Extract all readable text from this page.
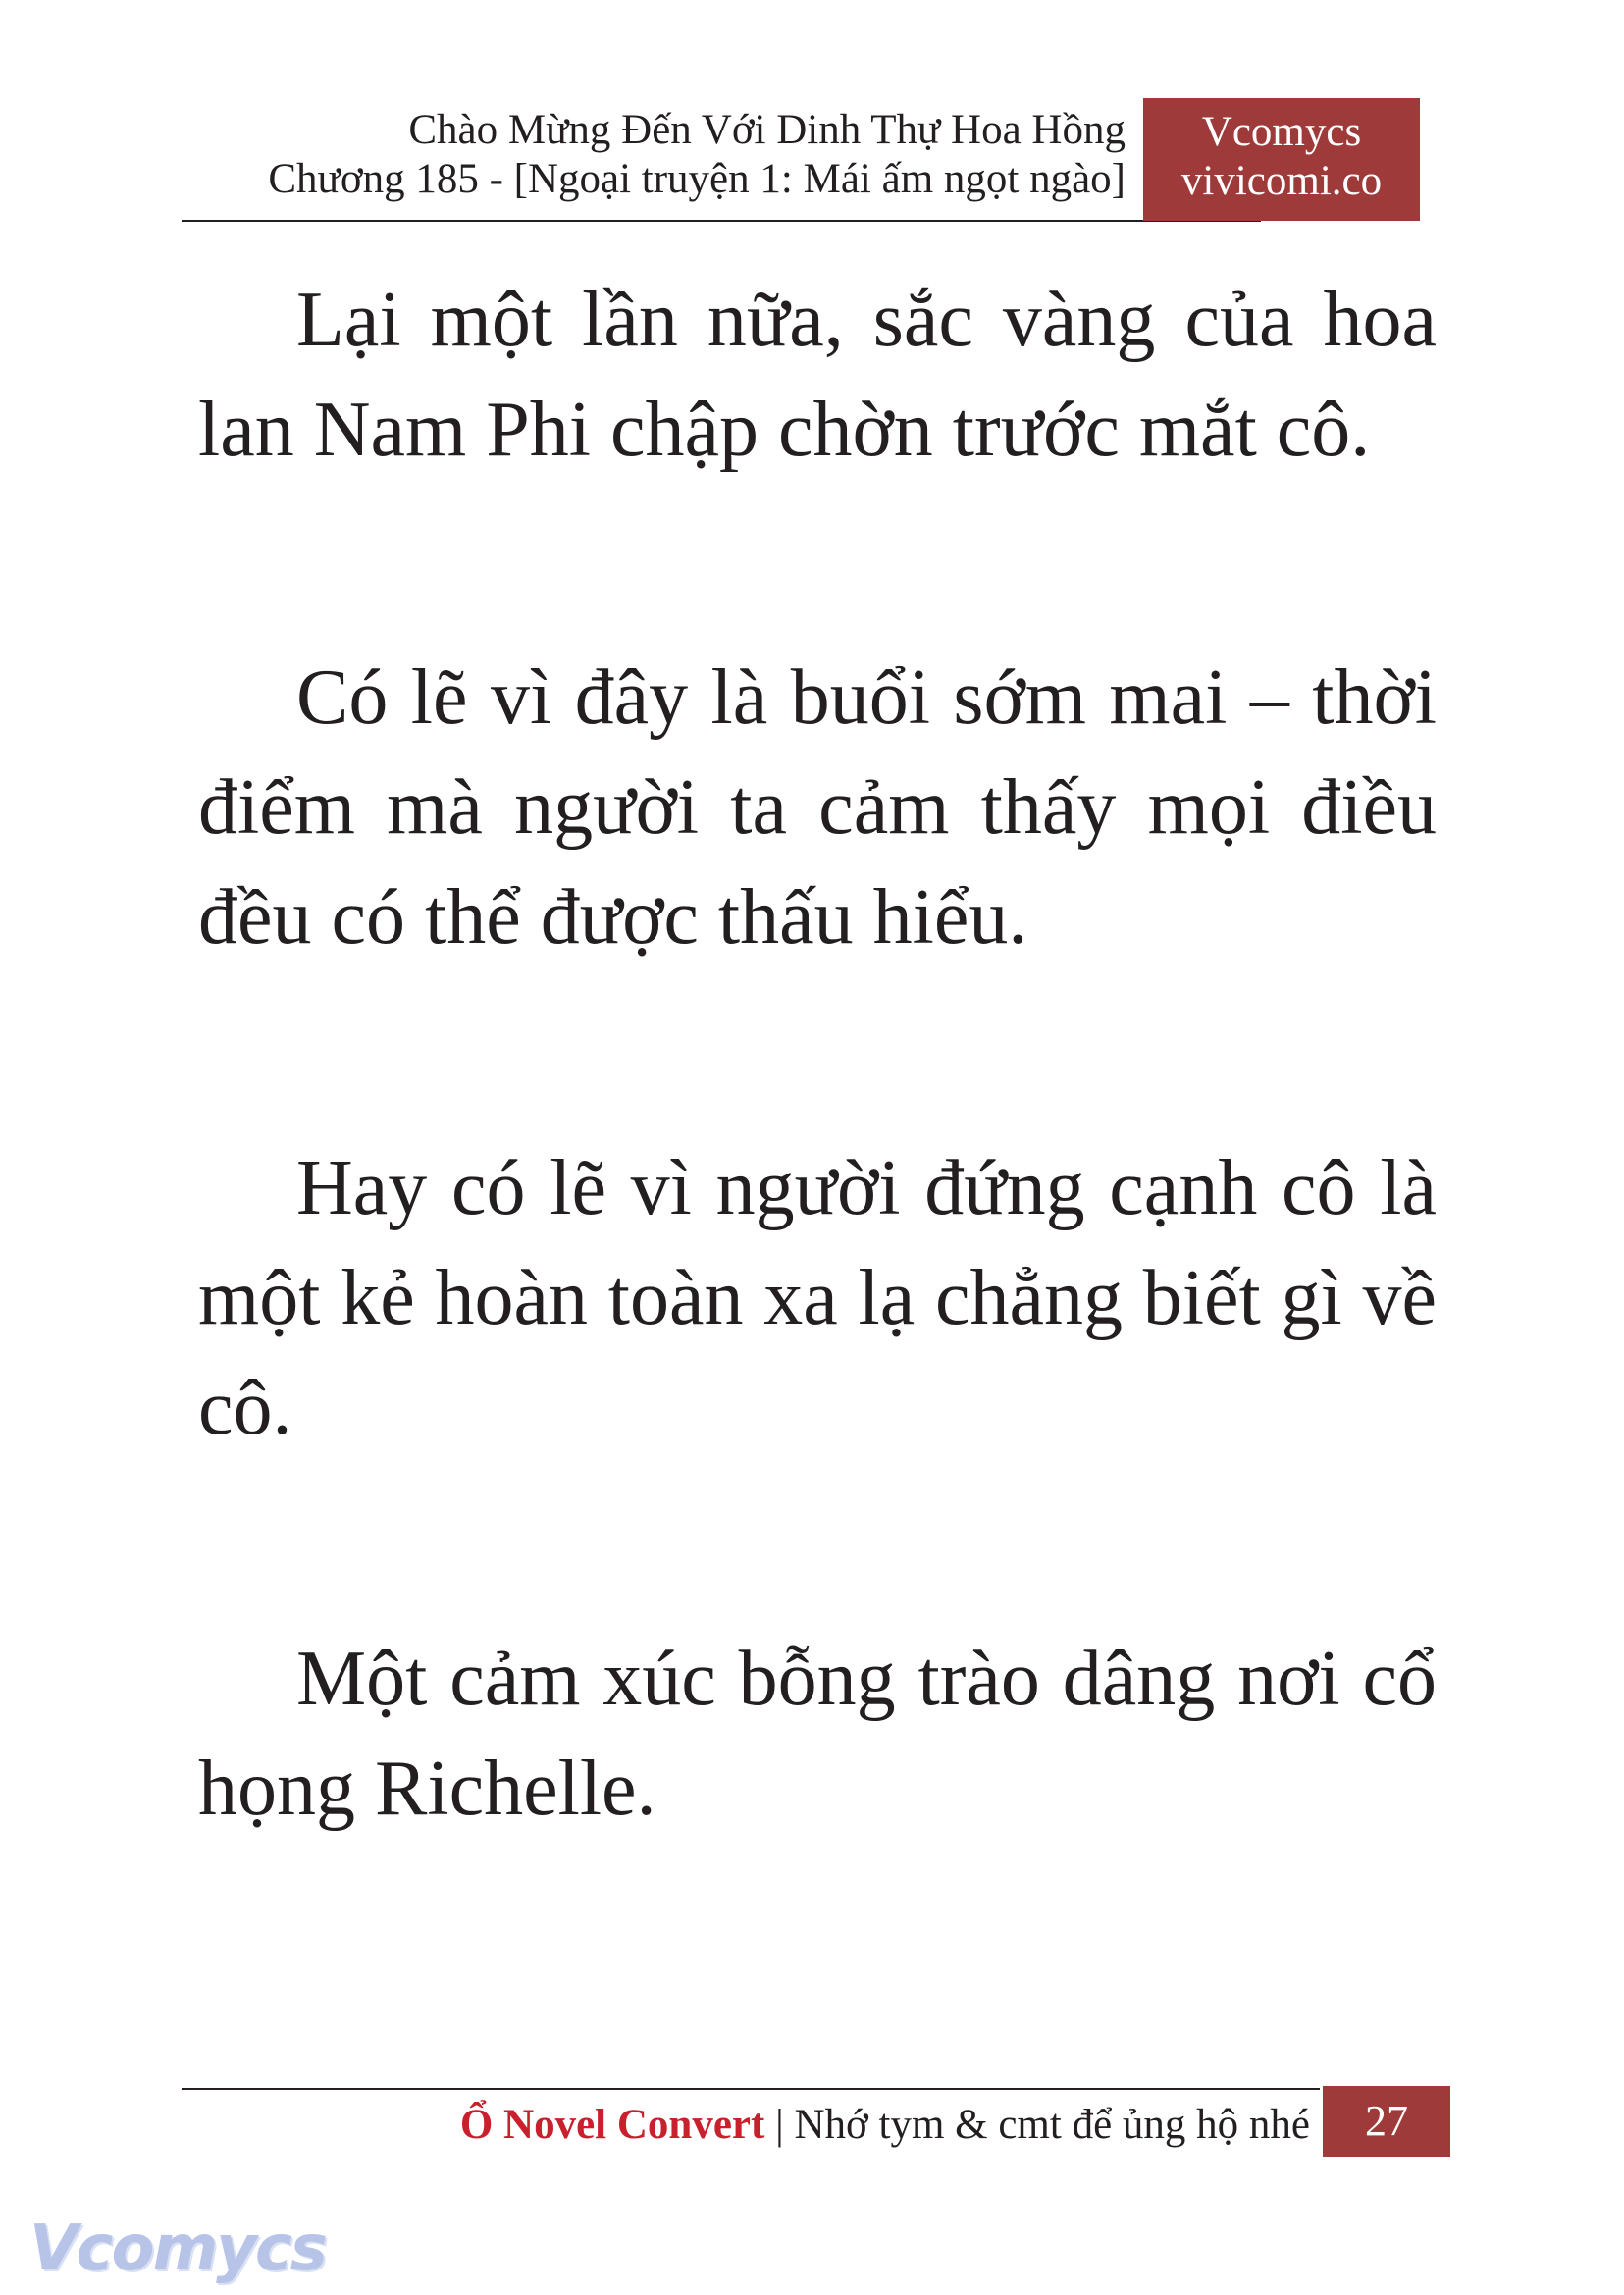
Chào Mừng Đến Với Dinh Thự Hoa Hồng
Chương 185 - [Ngoại truyện 1: Mái ấm ngọt ngào]
Vcomycs
vivicomi.co

Lại một lần nữa, sắc vàng của hoa lan Nam Phi chập chờn trước mắt cô.

Có lẽ vì đây là buổi sớm mai – thời điểm mà người ta cảm thấy mọi điều đều có thể được thấu hiểu.

Hay có lẽ vì người đứng cạnh cô là một kẻ hoàn toàn xa lạ chẳng biết gì về cô.

Một cảm xúc bỗng trào dâng nơi cổ họng Richelle.

Ổ Novel Convert | Nhớ tym & cmt để ủng hộ nhé	27
Vcomycs
